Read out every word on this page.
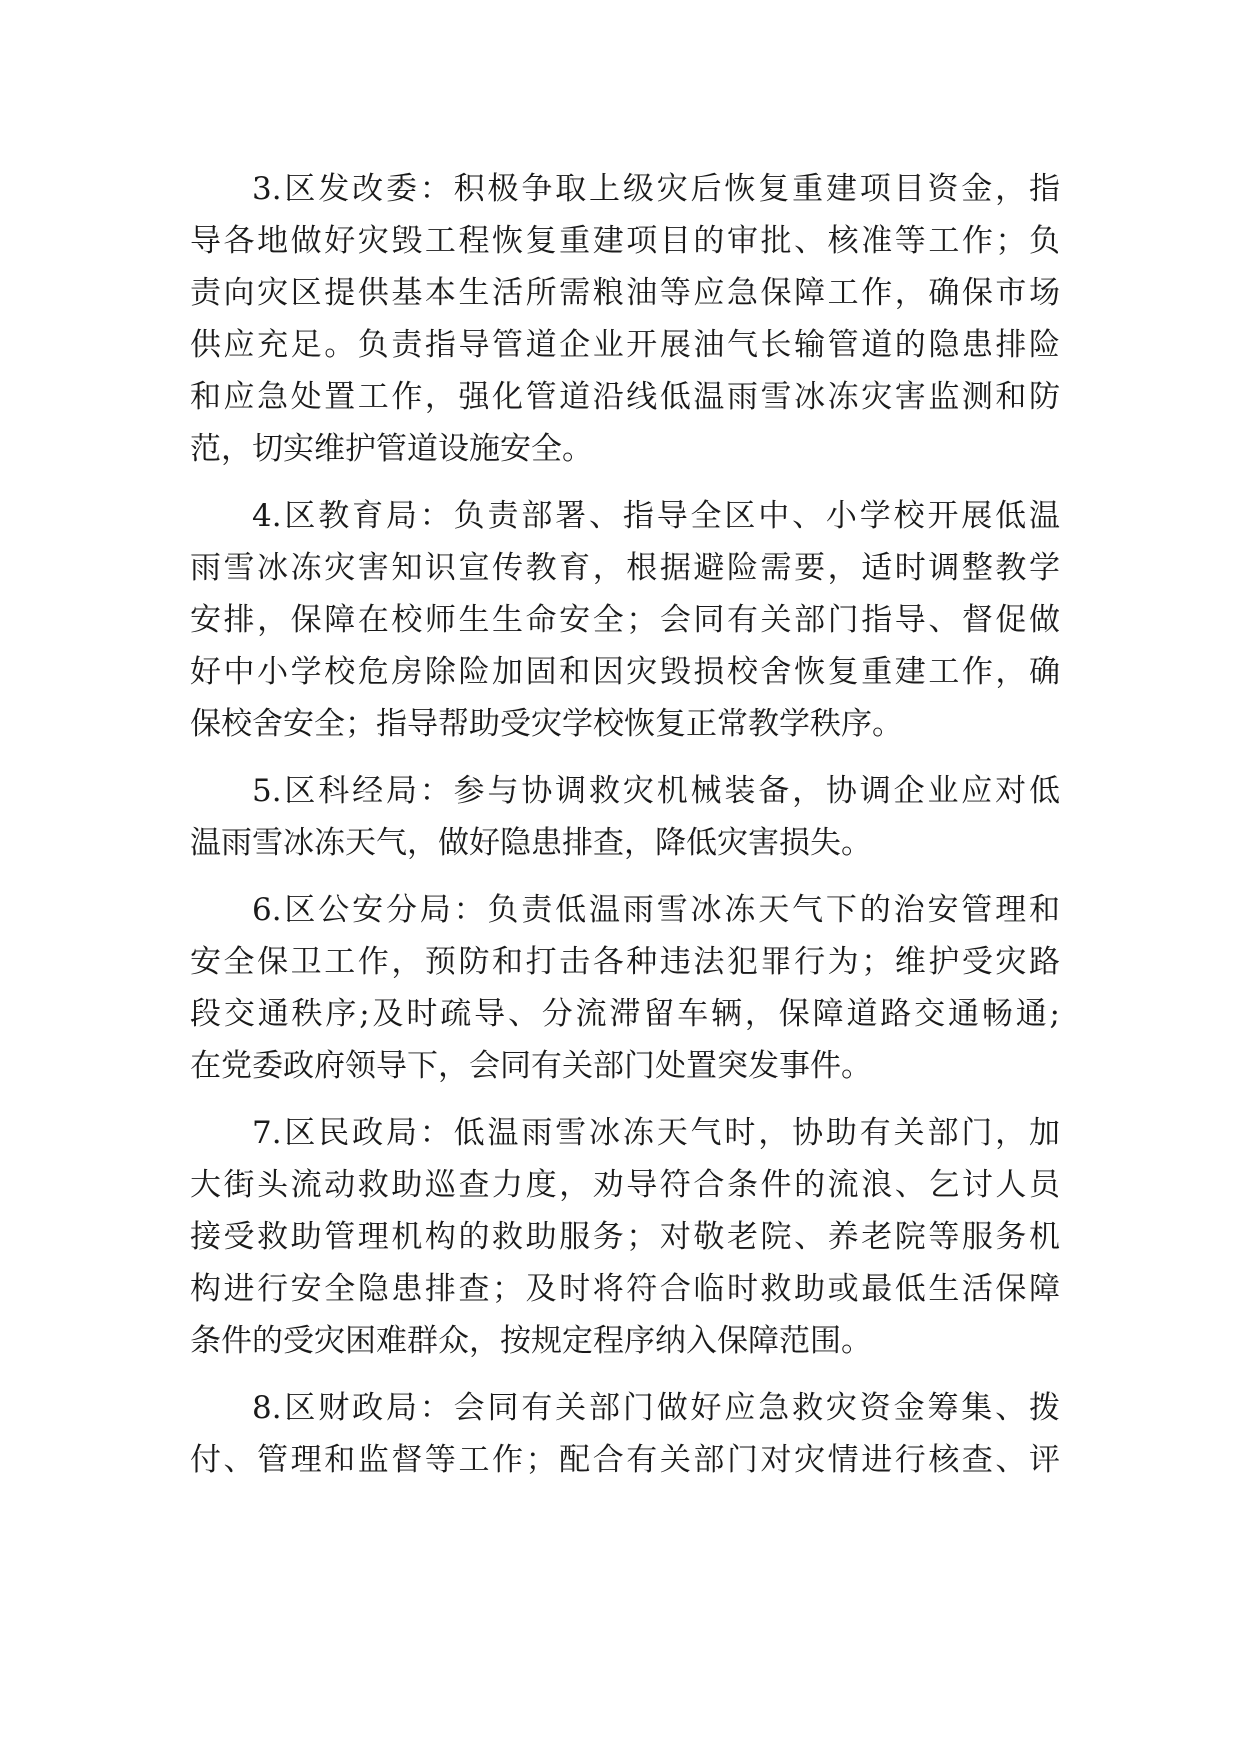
3.区发改委：积极争取上级灾后恢复重建项目资金，指
导各地做好灾毁工程恢复重建项目的审批、核准等工作；负
责向灾区提供基本生活所需粮油等应急保障工作，确保市场
供应充足。负责指导管道企业开展油气长输管道的隐患排险
和应急处置工作，强化管道沿线低温雨雪冰冻灾害监测和防
范，切实维护管道设施安全。
4.区教育局：负责部署、指导全区中、小学校开展低温
雨雪冰冻灾害知识宣传教育，根据避险需要，适时调整教学
安排，保障在校师生生命安全；会同有关部门指导、督促做
好中小学校危房除险加固和因灾毁损校舍恢复重建工作，确
保校舍安全；指导帮助受灾学校恢复正常教学秩序。
5.区科经局：参与协调救灾机械装备，协调企业应对低
温雨雪冰冻天气，做好隐患排查，降低灾害损失。
6.区公安分局：负责低温雨雪冰冻天气下的治安管理和
安全保卫工作，预防和打击各种违法犯罪行为；维护受灾路
段交通秩序;及时疏导、分流滞留车辆，保障道路交通畅通;
在党委政府领导下，会同有关部门处置突发事件。
7.区民政局：低温雨雪冰冻天气时，协助有关部门，加
大街头流动救助巡查力度，劝导符合条件的流浪、乞讨人员
接受救助管理机构的救助服务；对敬老院、养老院等服务机
构进行安全隐患排查；及时将符合临时救助或最低生活保障
条件的受灾困难群众，按规定程序纳入保障范围。
8.区财政局：会同有关部门做好应急救灾资金筹集、拨
付、管理和监督等工作；配合有关部门对灾情进行核查、评
